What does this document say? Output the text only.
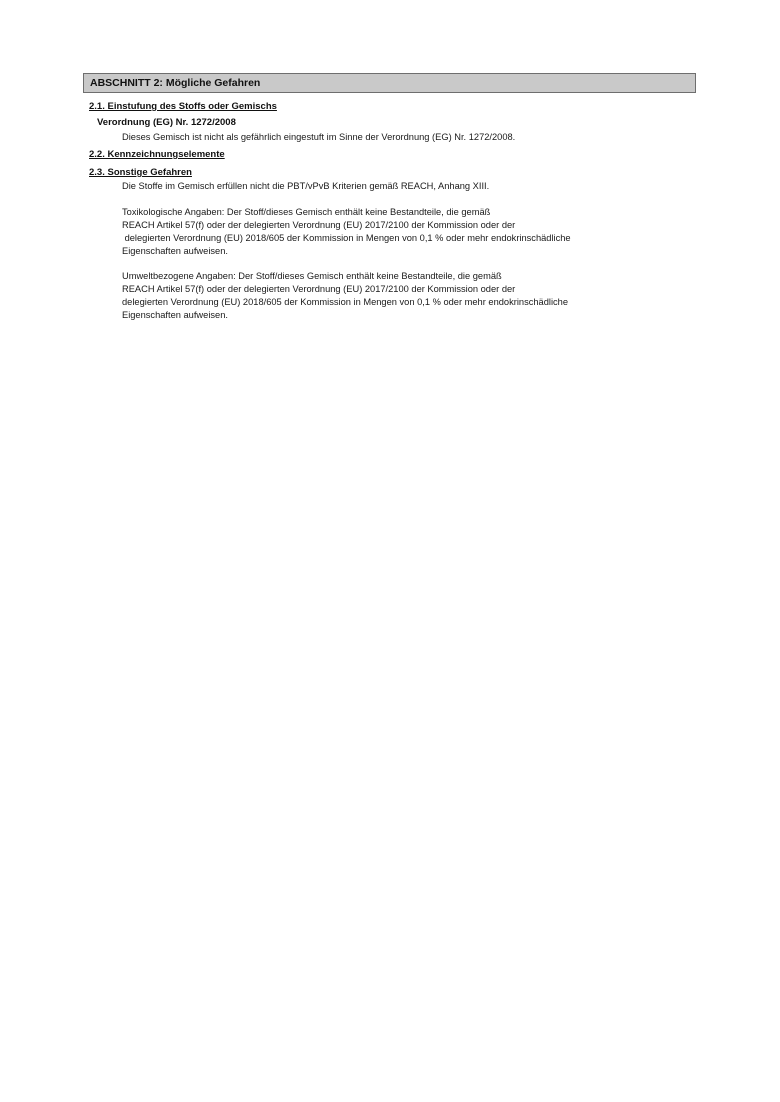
ABSCHNITT 2: Mögliche Gefahren
2.1. Einstufung des Stoffs oder Gemischs
Verordnung (EG) Nr. 1272/2008
Dieses Gemisch ist nicht als gefährlich eingestuft im Sinne der Verordnung (EG) Nr. 1272/2008.
2.2. Kennzeichnungselemente
2.3. Sonstige Gefahren
Die Stoffe im Gemisch erfüllen nicht die PBT/vPvB Kriterien gemäß REACH, Anhang XIII.
Toxikologische Angaben: Der Stoff/dieses Gemisch enthält keine Bestandteile, die gemäß
REACH Artikel 57(f) oder der delegierten Verordnung (EU) 2017/2100 der Kommission oder der
delegierten Verordnung (EU) 2018/605 der Kommission in Mengen von 0,1 % oder mehr endokrinschädliche
Eigenschaften aufweisen.
Umweltbezogene Angaben: Der Stoff/dieses Gemisch enthält keine Bestandteile, die gemäß
REACH Artikel 57(f) oder der delegierten Verordnung (EU) 2017/2100 der Kommission oder der
delegierten Verordnung (EU) 2018/605 der Kommission in Mengen von 0,1 % oder mehr endokrinschädliche
Eigenschaften aufweisen.
